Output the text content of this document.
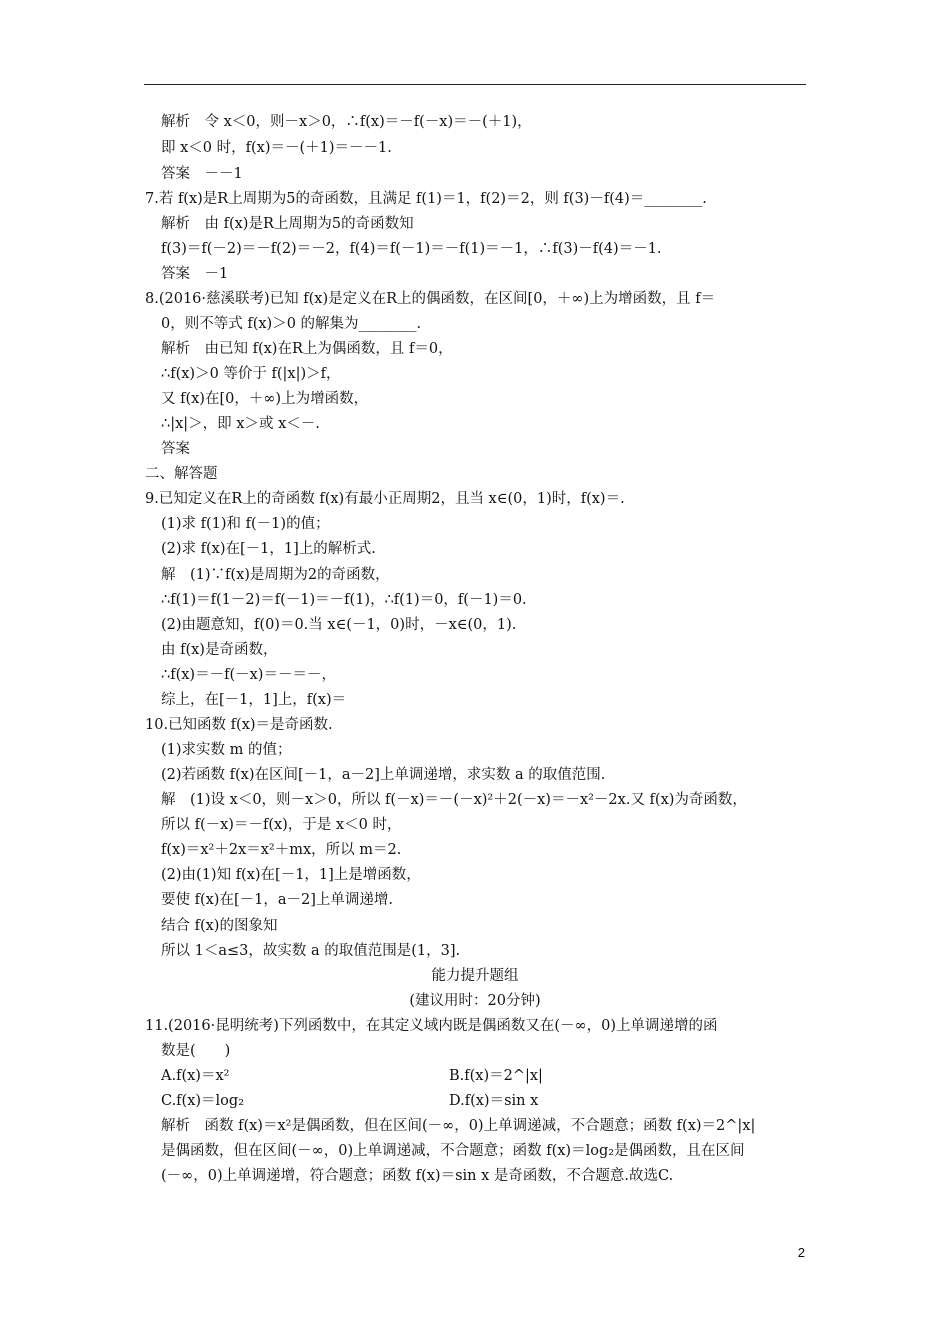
解析　令 x＜0，则－x＞0，∴f(x)＝－f(－x)＝－(＋1)，
即 x＜0 时，f(x)＝－(＋1)＝－－1.
答案　－－1
7.若 f(x)是R上周期为5的奇函数，且满足 f(1)＝1，f(2)＝2，则 f(3)－f(4)＝________.
解析　由 f(x)是R上周期为5的奇函数知
f(3)＝f(－2)＝－f(2)＝－2，f(4)＝f(－1)＝－f(1)＝－1，∴f(3)－f(4)＝－1.
答案　－1
8.(2016·慈溪联考)已知 f(x)是定义在R上的偶函数，在区间[0，＋∞)上为增函数，且 f＝
0，则不等式 f(x)＞0 的解集为________.
解析　由已知 f(x)在R上为偶函数，且 f＝0，
∴f(x)＞0 等价于 f(|x|)＞f，
又 f(x)在[0，＋∞)上为增函数，
∴|x|＞，即 x＞或 x＜－.
答案
二、解答题
9.已知定义在R上的奇函数 f(x)有最小正周期2，且当 x∈(0，1)时，f(x)＝.
(1)求 f(1)和 f(－1)的值；
(2)求 f(x)在[－1，1]上的解析式.
解　(1)∵f(x)是周期为2的奇函数，
∴f(1)＝f(1－2)＝f(－1)＝－f(1)，∴f(1)＝0，f(－1)＝0.
(2)由题意知，f(0)＝0.当 x∈(－1，0)时，－x∈(0，1).
由 f(x)是奇函数，
∴f(x)＝－f(－x)＝－＝－，
综上，在[－1，1]上，f(x)＝
10.已知函数 f(x)＝是奇函数.
(1)求实数 m 的值；
(2)若函数 f(x)在区间[－1，a－2]上单调递增，求实数 a 的取值范围.
解　(1)设 x＜0，则－x＞0，所以 f(－x)＝－(－x)²＋2(－x)＝－x²－2x.又 f(x)为奇函数，
所以 f(－x)＝－f(x)，于是 x＜0 时，
f(x)＝x²＋2x＝x²＋mx，所以 m＝2.
(2)由(1)知 f(x)在[－1，1]上是增函数，
要使 f(x)在[－1，a－2]上单调递增.
结合 f(x)的图象知
所以 1＜a≤3，故实数 a 的取值范围是(1，3].
能力提升题组
(建议用时：20分钟)
11.(2016·昆明统考)下列函数中，在其定义域内既是偶函数又在(－∞，0)上单调递增的函
数是(　　)
A.f(x)＝x²	B.f(x)＝2^|x|
C.f(x)＝log₂	D.f(x)＝sin x
解析　函数 f(x)＝x²是偶函数，但在区间(－∞，0)上单调递减，不合题意；函数 f(x)＝2^|x|
是偶函数，但在区间(－∞，0)上单调递减，不合题意；函数 f(x)＝log₂是偶函数，且在区间
(－∞，0)上单调递增，符合题意；函数 f(x)＝sin x 是奇函数，不合题意.故选C.
2
